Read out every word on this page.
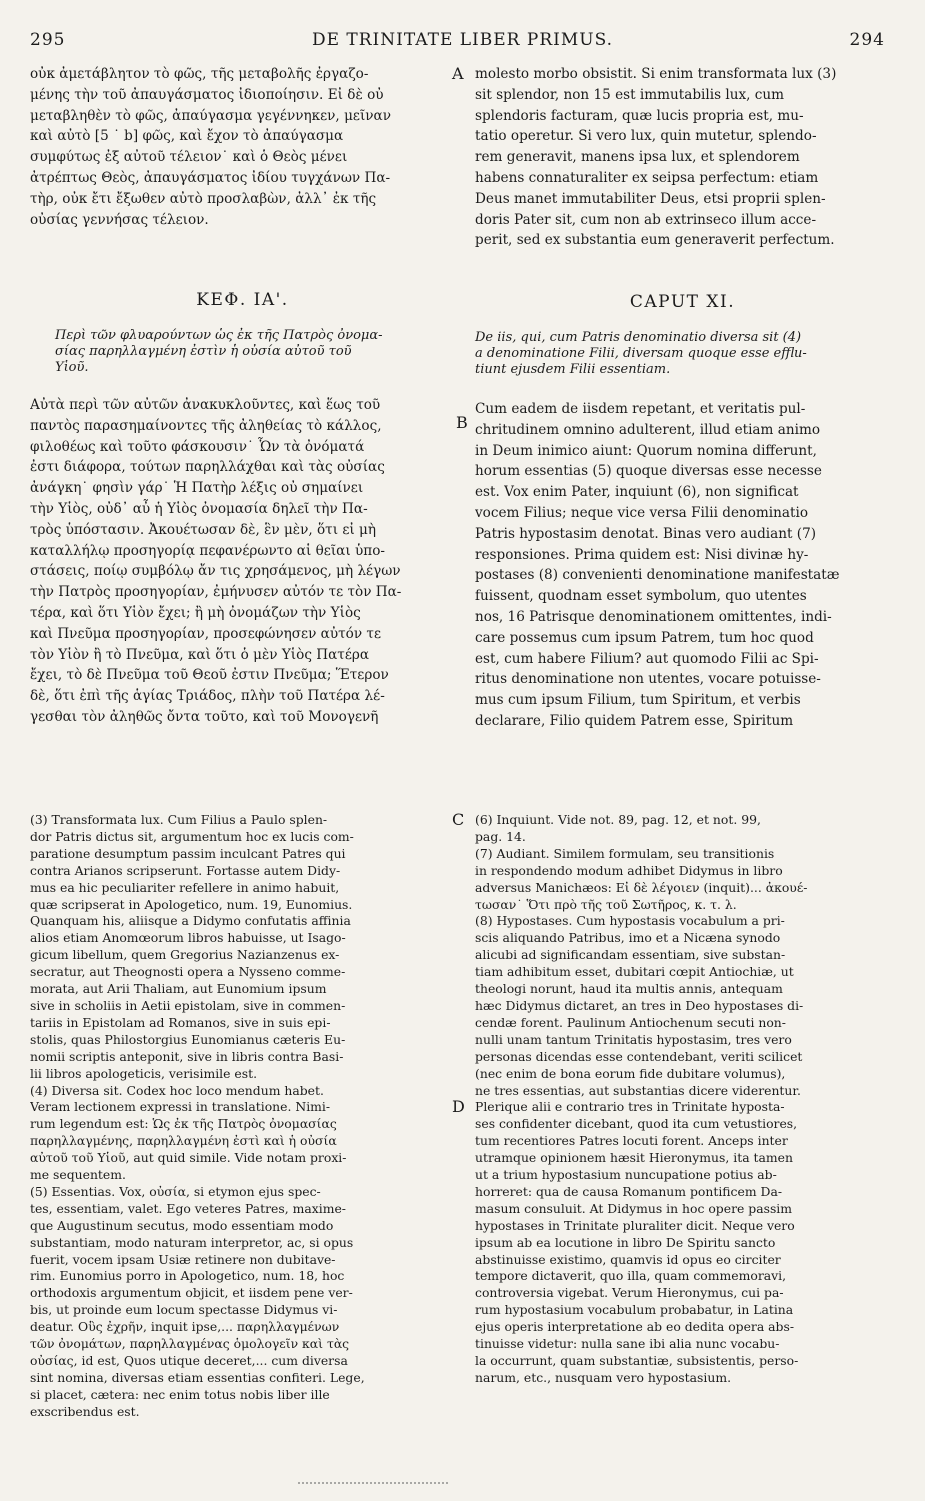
295	DE TRINITATE LIBER PRIMUS.	294
A
B
C
D
οὐκ ἀμετάβλητον τὸ φῶς, τῆς μεταβολῆς ἐργαζο-
μένης τὴν τοῦ ἀπαυγάσματος ἰδιοποίησιν. Εἰ δὲ οὐ
μεταβληθὲν τὸ φῶς, ἀπαύγασμα γεγέννηκεν, μεῖναν
καὶ αὐτὸ [5 ˙ b] φῶς, καὶ ἔχον τὸ ἀπαύγασμα
συμφύτως ἐξ αὐτοῦ τέλειον˙ καὶ ὁ Θεὸς μένει
ἀτρέπτως Θεὸς, ἀπαυγάσματος ἰδίου τυγχάνων Πα-
τὴρ, οὐκ ἔτι ἔξωθεν αὐτὸ προσλαβὼν, ἀλλ᾽ ἐκ τῆς
οὐσίας γεννήσας τέλειον.
molesto morbo obsistit. Si enim transformata lux (3)
sit splendor, non 15 est immutabilis lux, cum
splendoris facturam, quæ lucis propria est, mu-
tatio operetur. Si vero lux, quin mutetur, splendo-
rem generavit, manens ipsa lux, et splendorem
habens connaturaliter ex seipsa perfectum: etiam
Deus manet immutabiliter Deus, etsi proprii splen-
doris Pater sit, cum non ab extrinseco illum acce-
perit, sed ex substantia eum generaverit perfectum.
ΚΕΦ. ΙΑ'.
Περὶ τῶν φλυαρούντων ὡς ἐκ τῆς Πατρὸς ὀνομα-
σίας παρηλλαγμένη ἐστὶν ἡ οὐσία αὐτοῦ τοῦ
Υἱοῦ.
CAPUT XI.
De iis, qui, cum Patris denominatio diversa sit (4)
a denominatione Filii, diversam quoque esse efflu-
tiunt ejusdem Filii essentiam.
Αὐτὰ περὶ τῶν αὐτῶν ἀνακυκλοῦντες, καὶ ἕως τοῦ
παντὸς παρασημαίνοντες τῆς ἀληθείας τὸ κάλλος,
φιλοθέως καὶ τοῦτο φάσκουσιν˙ Ὧν τὰ ὀνόματά
ἐστι διάφορα, τούτων παρηλλάχθαι καὶ τὰς οὐσίας
ἀνάγκη˙ φησὶν γάρ˙ Ἡ Πατὴρ λέξις οὐ σημαίνει
τὴν Υἱὸς, οὐδ᾽ αὖ ἡ Υἱὸς ὀνομασία δηλεῖ τὴν Πα-
τρὸς ὑπόστασιν. Ἀκουέτωσαν δὲ, ἓν μὲν, ὅτι εἰ μὴ
καταλλήλῳ προσηγορίᾳ πεφανέρωντο αἱ θεῖαι ὑπο-
στάσεις, ποίῳ συμβόλῳ ἄν τις χρησάμενος, μὴ λέγων
τὴν Πατρὸς προσηγορίαν, ἐμήνυσεν αὐτόν τε τὸν Πα-
τέρα, καὶ ὅτι Υἱὸν ἔχει; ἢ μὴ ὀνομάζων τὴν Υἱὸς
καὶ Πνεῦμα προσηγορίαν, προσεφώνησεν αὐτόν τε
τὸν Υἱὸν ἢ τὸ Πνεῦμα, καὶ ὅτι ὁ μὲν Υἱὸς Πατέρα
ἔχει, τὸ δὲ Πνεῦμα τοῦ Θεοῦ ἐστιν Πνεῦμα; Ἕτερον
δὲ, ὅτι ἐπὶ τῆς ἁγίας Τριάδος, πλὴν τοῦ Πατέρα λέ-
γεσθαι τὸν ἀληθῶς ὄντα τοῦτο, καὶ τοῦ Μονογενῆ
Cum eadem de iisdem repetant, et veritatis pul-
chritudinem omnino adulterent, illud etiam animo
in Deum inimico aiunt: Quorum nomina differunt,
horum essentias (5) quoque diversas esse necesse
est. Vox enim Pater, inquiunt (6), non significat
vocem Filius; neque vice versa Filii denominatio
Patris hypostasim denotat. Binas vero audiant (7)
responsiones. Prima quidem est: Nisi divinæ hy-
postases (8) convenienti denominatione manifestatæ
fuissent, quodnam esset symbolum, quo utentes
nos, 16 Patrisque denominationem omittentes, indi-
care possemus cum ipsum Patrem, tum hoc quod
est, cum habere Filium? aut quomodo Filii ac Spi-
ritus denominatione non utentes, vocare potuisse-
mus cum ipsum Filium, tum Spiritum, et verbis
declarare, Filio quidem Patrem esse, Spiritum
(3) Transformata lux. Cum Filius a Paulo splen-
dor Patris dictus sit, argumentum hoc ex lucis com-
paratione desumptum passim inculcant Patres qui
contra Arianos scripserunt. Fortasse autem Didy-
mus ea hic peculiariter refellere in animo habuit,
quæ scripserat in Apologetico, num. 19, Eunomius.
Quanquam his, aliisque a Didymo confutatis affinia
alios etiam Anomœorum libros habuisse, ut Isago-
gicum libellum, quem Gregorius Nazianzenus ex-
secratur, aut Theognosti opera a Nysseno comme-
morata, aut Arii Thaliam, aut Eunomium ipsum
sive in scholiis in Aetii epistolam, sive in commen-
tariis in Epistolam ad Romanos, sive in suis epi-
stolis, quas Philostorgius Eunomianus cæteris Eu-
nomii scriptis anteponit, sive in libris contra Basi-
lii libros apologeticis, verisimile est.
(4) Diversa sit. Codex hoc loco mendum habet.
Veram lectionem expressi in translatione. Nimi-
rum legendum est: Ὡς ἐκ τῆς Πατρὸς ὀνομασίας
παρηλλαγμένης, παρηλλαγμένη ἐστὶ καὶ ἡ οὐσία
αὐτοῦ τοῦ Υἱοῦ, aut quid simile. Vide notam proxi-
me sequentem.
(5) Essentias. Vox, οὐσία, si etymon ejus spec-
tes, essentiam, valet. Ego veteres Patres, maxime-
que Augustinum secutus, modo essentiam modo
substantiam, modo naturam interpretor, ac, si opus
fuerit, vocem ipsam Usiæ retinere non dubitave-
rim. Eunomius porro in Apologetico, num. 18, hoc
orthodoxis argumentum objicit, et iisdem pene ver-
bis, ut proinde eum locum spectasse Didymus vi-
deatur. Οὓς ἐχρῆν, inquit ipse,... παρηλλαγμένων
τῶν ὀνομάτων, παρηλλαγμένας ὁμολογεῖν καὶ τὰς
οὐσίας, id est, Quos utique deceret,... cum diversa
sint nomina, diversas etiam essentias confiteri. Lege,
si placet, cætera: nec enim totus nobis liber ille
exscribendus est.
(6) Inquiunt. Vide not. 89, pag. 12, et not. 99,
pag. 14.
(7) Audiant. Similem formulam, seu transitionis
in respondendo modum adhibet Didymus in libro
adversus Manichæos: Εἰ δὲ λέγοιεν (inquit)... ἀκουέ-
τωσαν˙ Ὅτι πρὸ τῆς τοῦ Σωτῆρος, κ. τ. λ.
(8) Hypostases. Cum hypostasis vocabulum a pri-
scis aliquando Patribus, imo et a Nicæna synodo
alicubi ad significandam essentiam, sive substan-
tiam adhibitum esset, dubitari cœpit Antiochiæ, ut
theologi norunt, haud ita multis annis, antequam
hæc Didymus dictaret, an tres in Deo hypostases di-
cendæ forent. Paulinum Antiochenum secuti non-
nulli unam tantum Trinitatis hypostasim, tres vero
personas dicendas esse contendebant, veriti scilicet
(nec enim de bona eorum fide dubitare volumus),
ne tres essentias, aut substantias dicere viderentur.
Plerique alii e contrario tres in Trinitate hyposta-
ses confidenter dicebant, quod ita cum vetustiores,
tum recentiores Patres locuti forent. Anceps inter
utramque opinionem hæsit Hieronymus, ita tamen
ut a trium hypostasium nuncupatione potius ab-
horreret: qua de causa Romanum pontificem Da-
masum consuluit. At Didymus in hoc opere passim
hypostases in Trinitate pluraliter dicit. Neque vero
ipsum ab ea locutione in libro De Spiritu sancto
abstinuisse existimo, quamvis id opus eo circiter
tempore dictaverit, quo illa, quam commemoravi,
controversia vigebat. Verum Hieronymus, cui pa-
rum hypostasium vocabulum probabatur, in Latina
ejus operis interpretatione ab eo dedita opera abs-
tinuisse videtur: nulla sane ibi alia nunc vocabu-
la occurrunt, quam substantiæ, subsistentis, perso-
narum, etc., nusquam vero hypostasium.
